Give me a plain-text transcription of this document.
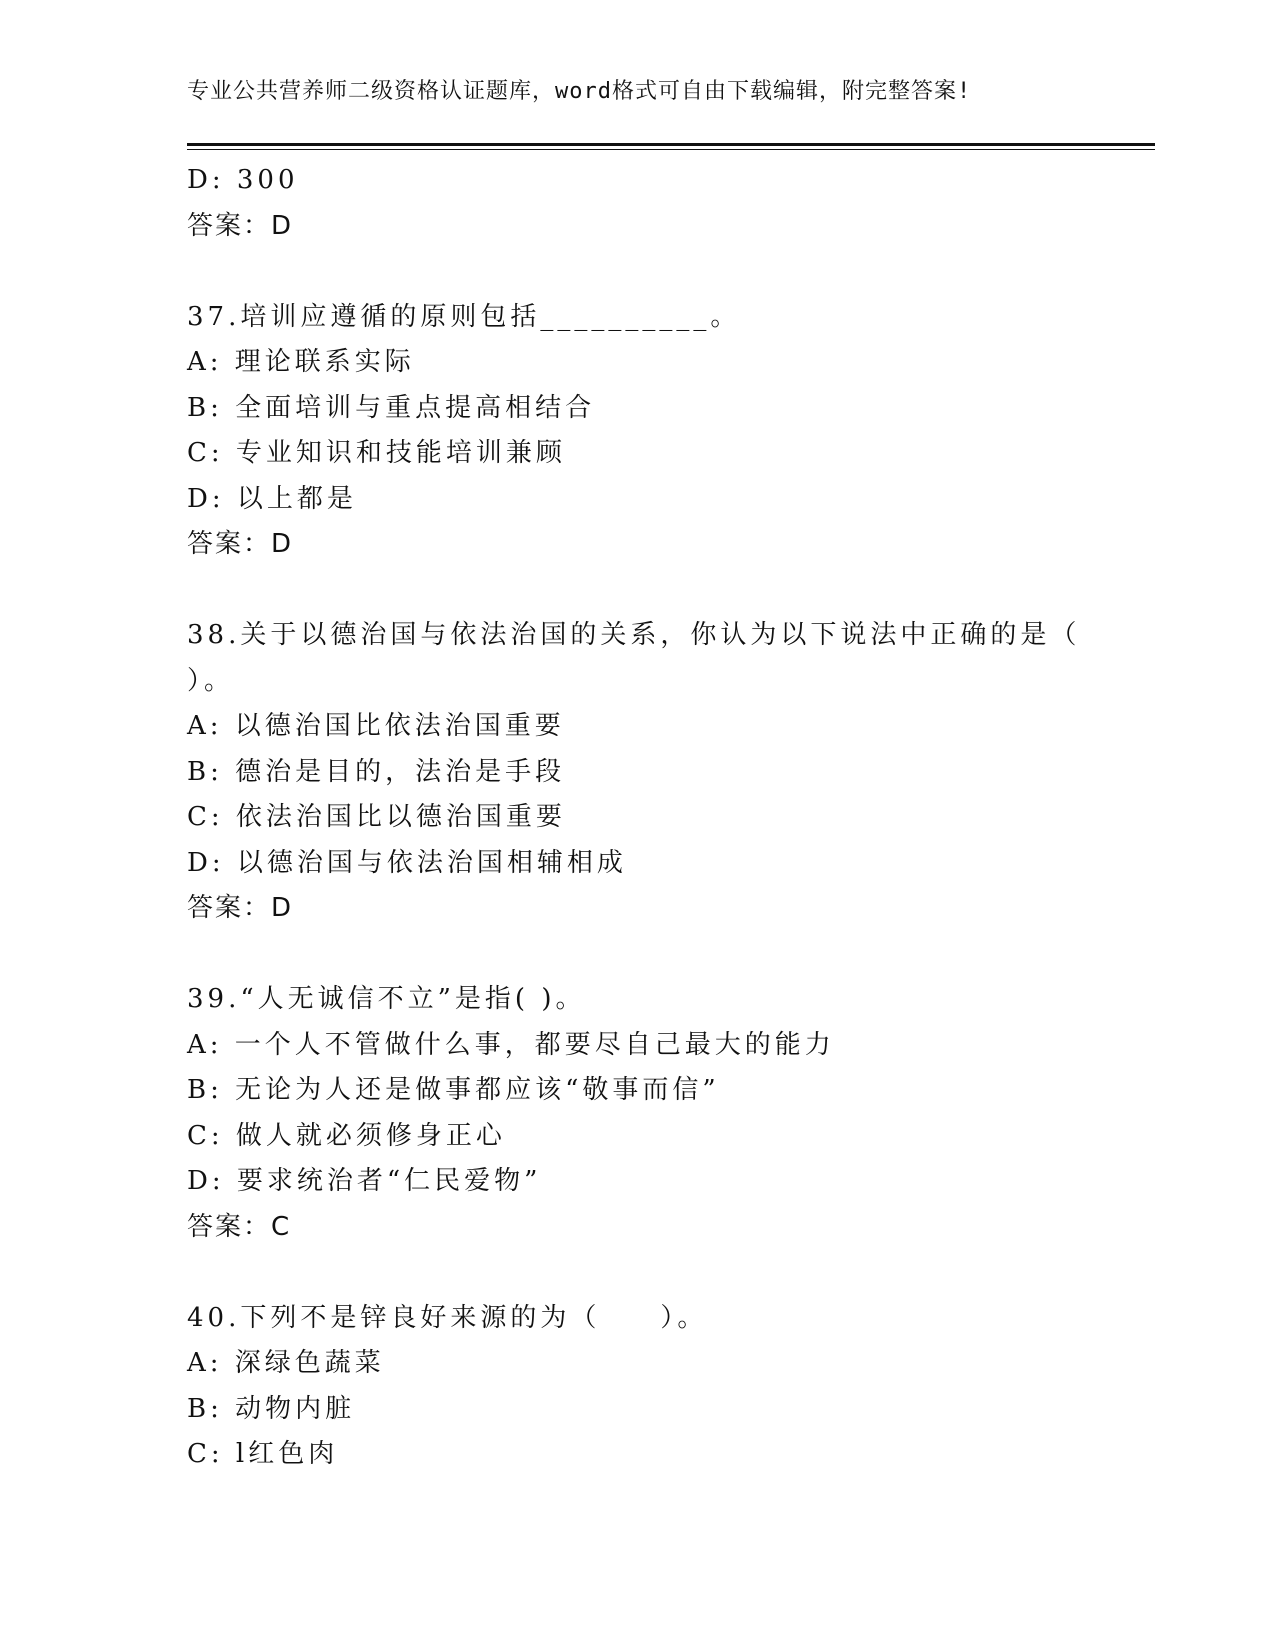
专业公共营养师二级资格认证题库，word格式可自由下载编辑，附完整答案!
D: 300
答案：D
37.培训应遵循的原则包括__________。
A: 理论联系实际
B: 全面培训与重点提高相结合
C: 专业知识和技能培训兼顾
D: 以上都是
答案：D
38.关于以德治国与依法治国的关系，你认为以下说法中正确的是（
）。
A: 以德治国比依法治国重要
B: 德治是目的，法治是手段
C: 依法治国比以德治国重要
D: 以德治国与依法治国相辅相成
答案：D
39.“人无诚信不立”是指( )。
A: 一个人不管做什么事，都要尽自己最大的能力
B: 无论为人还是做事都应该“敬事而信”
C: 做人就必须修身正心
D: 要求统治者“仁民爱物”
答案：C
40.下列不是锌良好来源的为（　　）。
A: 深绿色蔬菜
B: 动物内脏
C: l红色肉
